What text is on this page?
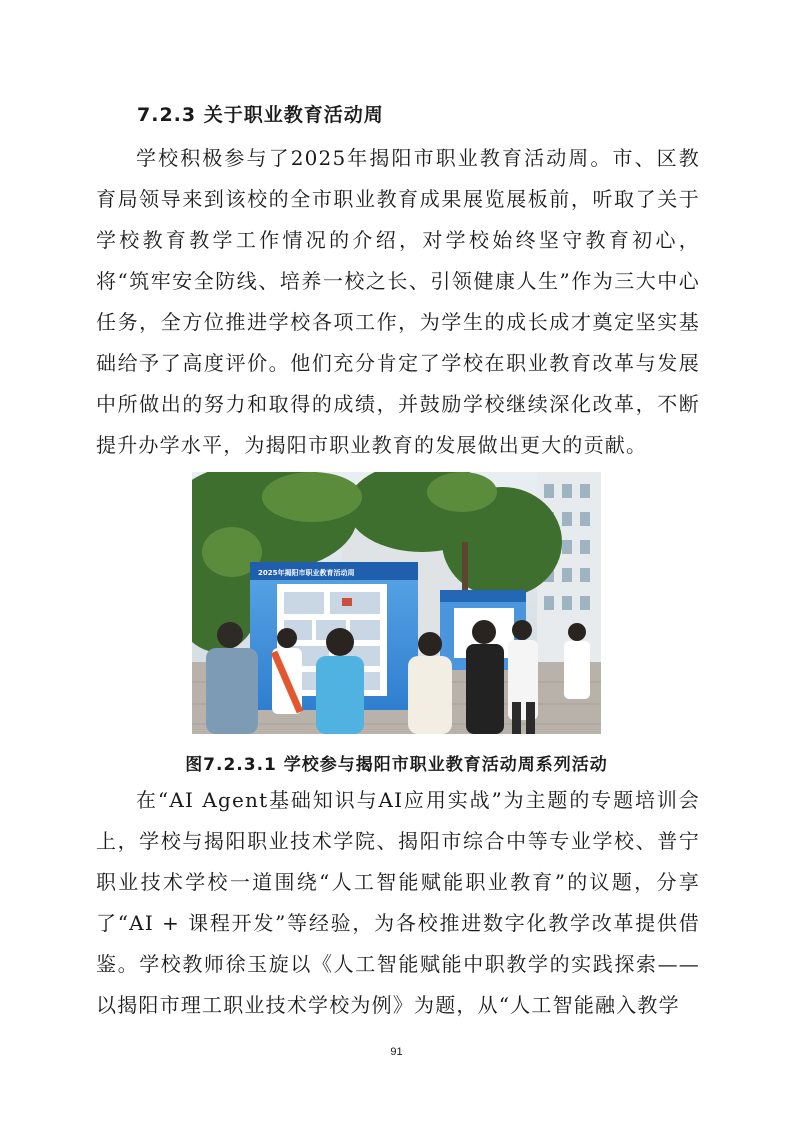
7.2.3 关于职业教育活动周

学校积极参与了2025年揭阳市职业教育活动周。市、区教育局领导来到该校的全市职业教育成果展览展板前，听取了关于学校教育教学工作情况的介绍，对学校始终坚守教育初心，将“筑牢安全防线、培养一校之长、引领健康人生”作为三大中心任务，全方位推进学校各项工作，为学生的成长成才奠定坚实基础给予了高度评价。他们充分肯定了学校在职业教育改革与发展中所做出的努力和取得的成绩，并鼓励学校继续深化改革，不断提升办学水平，为揭阳市职业教育的发展做出更大的贡献。

2025年揭阳市职业教育活动周
图7.2.3.1 学校参与揭阳市职业教育活动周系列活动

在“AI Agent基础知识与AI应用实战”为主题的专题培训会上，学校与揭阳职业技术学院、揭阳市综合中等专业学校、普宁职业技术学校一道围绕“人工智能赋能职业教育”的议题，分享了“AI + 课程开发”等经验，为各校推进数字化教学改革提供借鉴。学校教师徐玉旋以《人工智能赋能中职教学的实践探索——以揭阳市理工职业技术学校为例》为题，从“人工智能融入教学

91
